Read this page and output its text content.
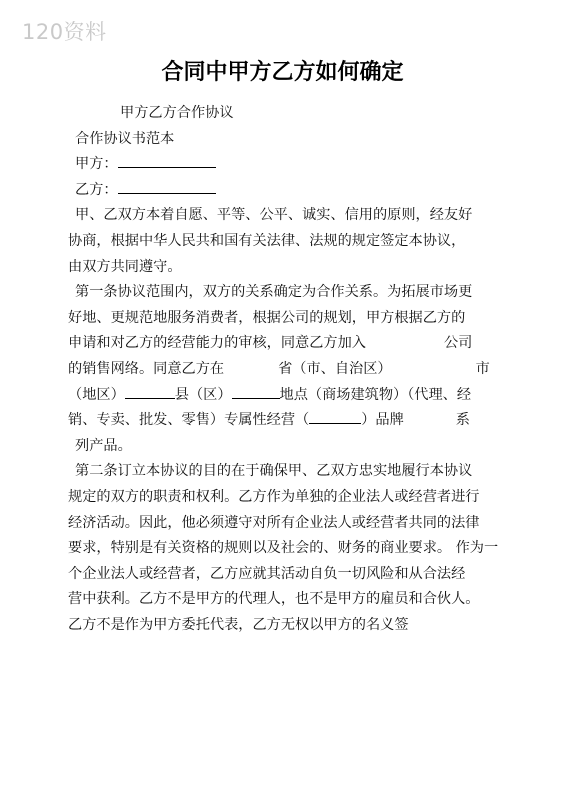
120资料
合同中甲方乙方如何确定
甲方乙方合作协议
合作协议书范本
甲方：
乙方：
甲、乙双方本着自愿、平等、公平、诚实、信用的原则，经友好
协商，根据中华人民共和国有关法律、法规的规定签定本协议，
由双方共同遵守。
第一条协议范围内，双方的关系确定为合作关系。为拓展市场更
好地、更规范地服务消费者，根据公司的规划，甲方根据乙方的
申请和对乙方的经营能力的审核，同意乙方加入	公司
的销售网络。同意乙方在	省（市、自治区）	市
（地区）	县（区）	地点（商场建筑物）（代理、经
销、专卖、批发、零售）专属性经营（	）品牌	系
列产品。
第二条订立本协议的目的在于确保甲、乙双方忠实地履行本协议
规定的双方的职责和权利。乙方作为单独的企业法人或经营者进行
经济活动。因此，他必须遵守对所有企业法人或经营者共同的法律
要求，特别是有关资格的规则以及社会的、财务的商业要求。 作为一
个企业法人或经营者，乙方应就其活动自负一切风险和从合法经
营中获利。乙方不是甲方的代理人，也不是甲方的雇员和合伙人。
乙方不是作为甲方委托代表，乙方无权以甲方的名义签
